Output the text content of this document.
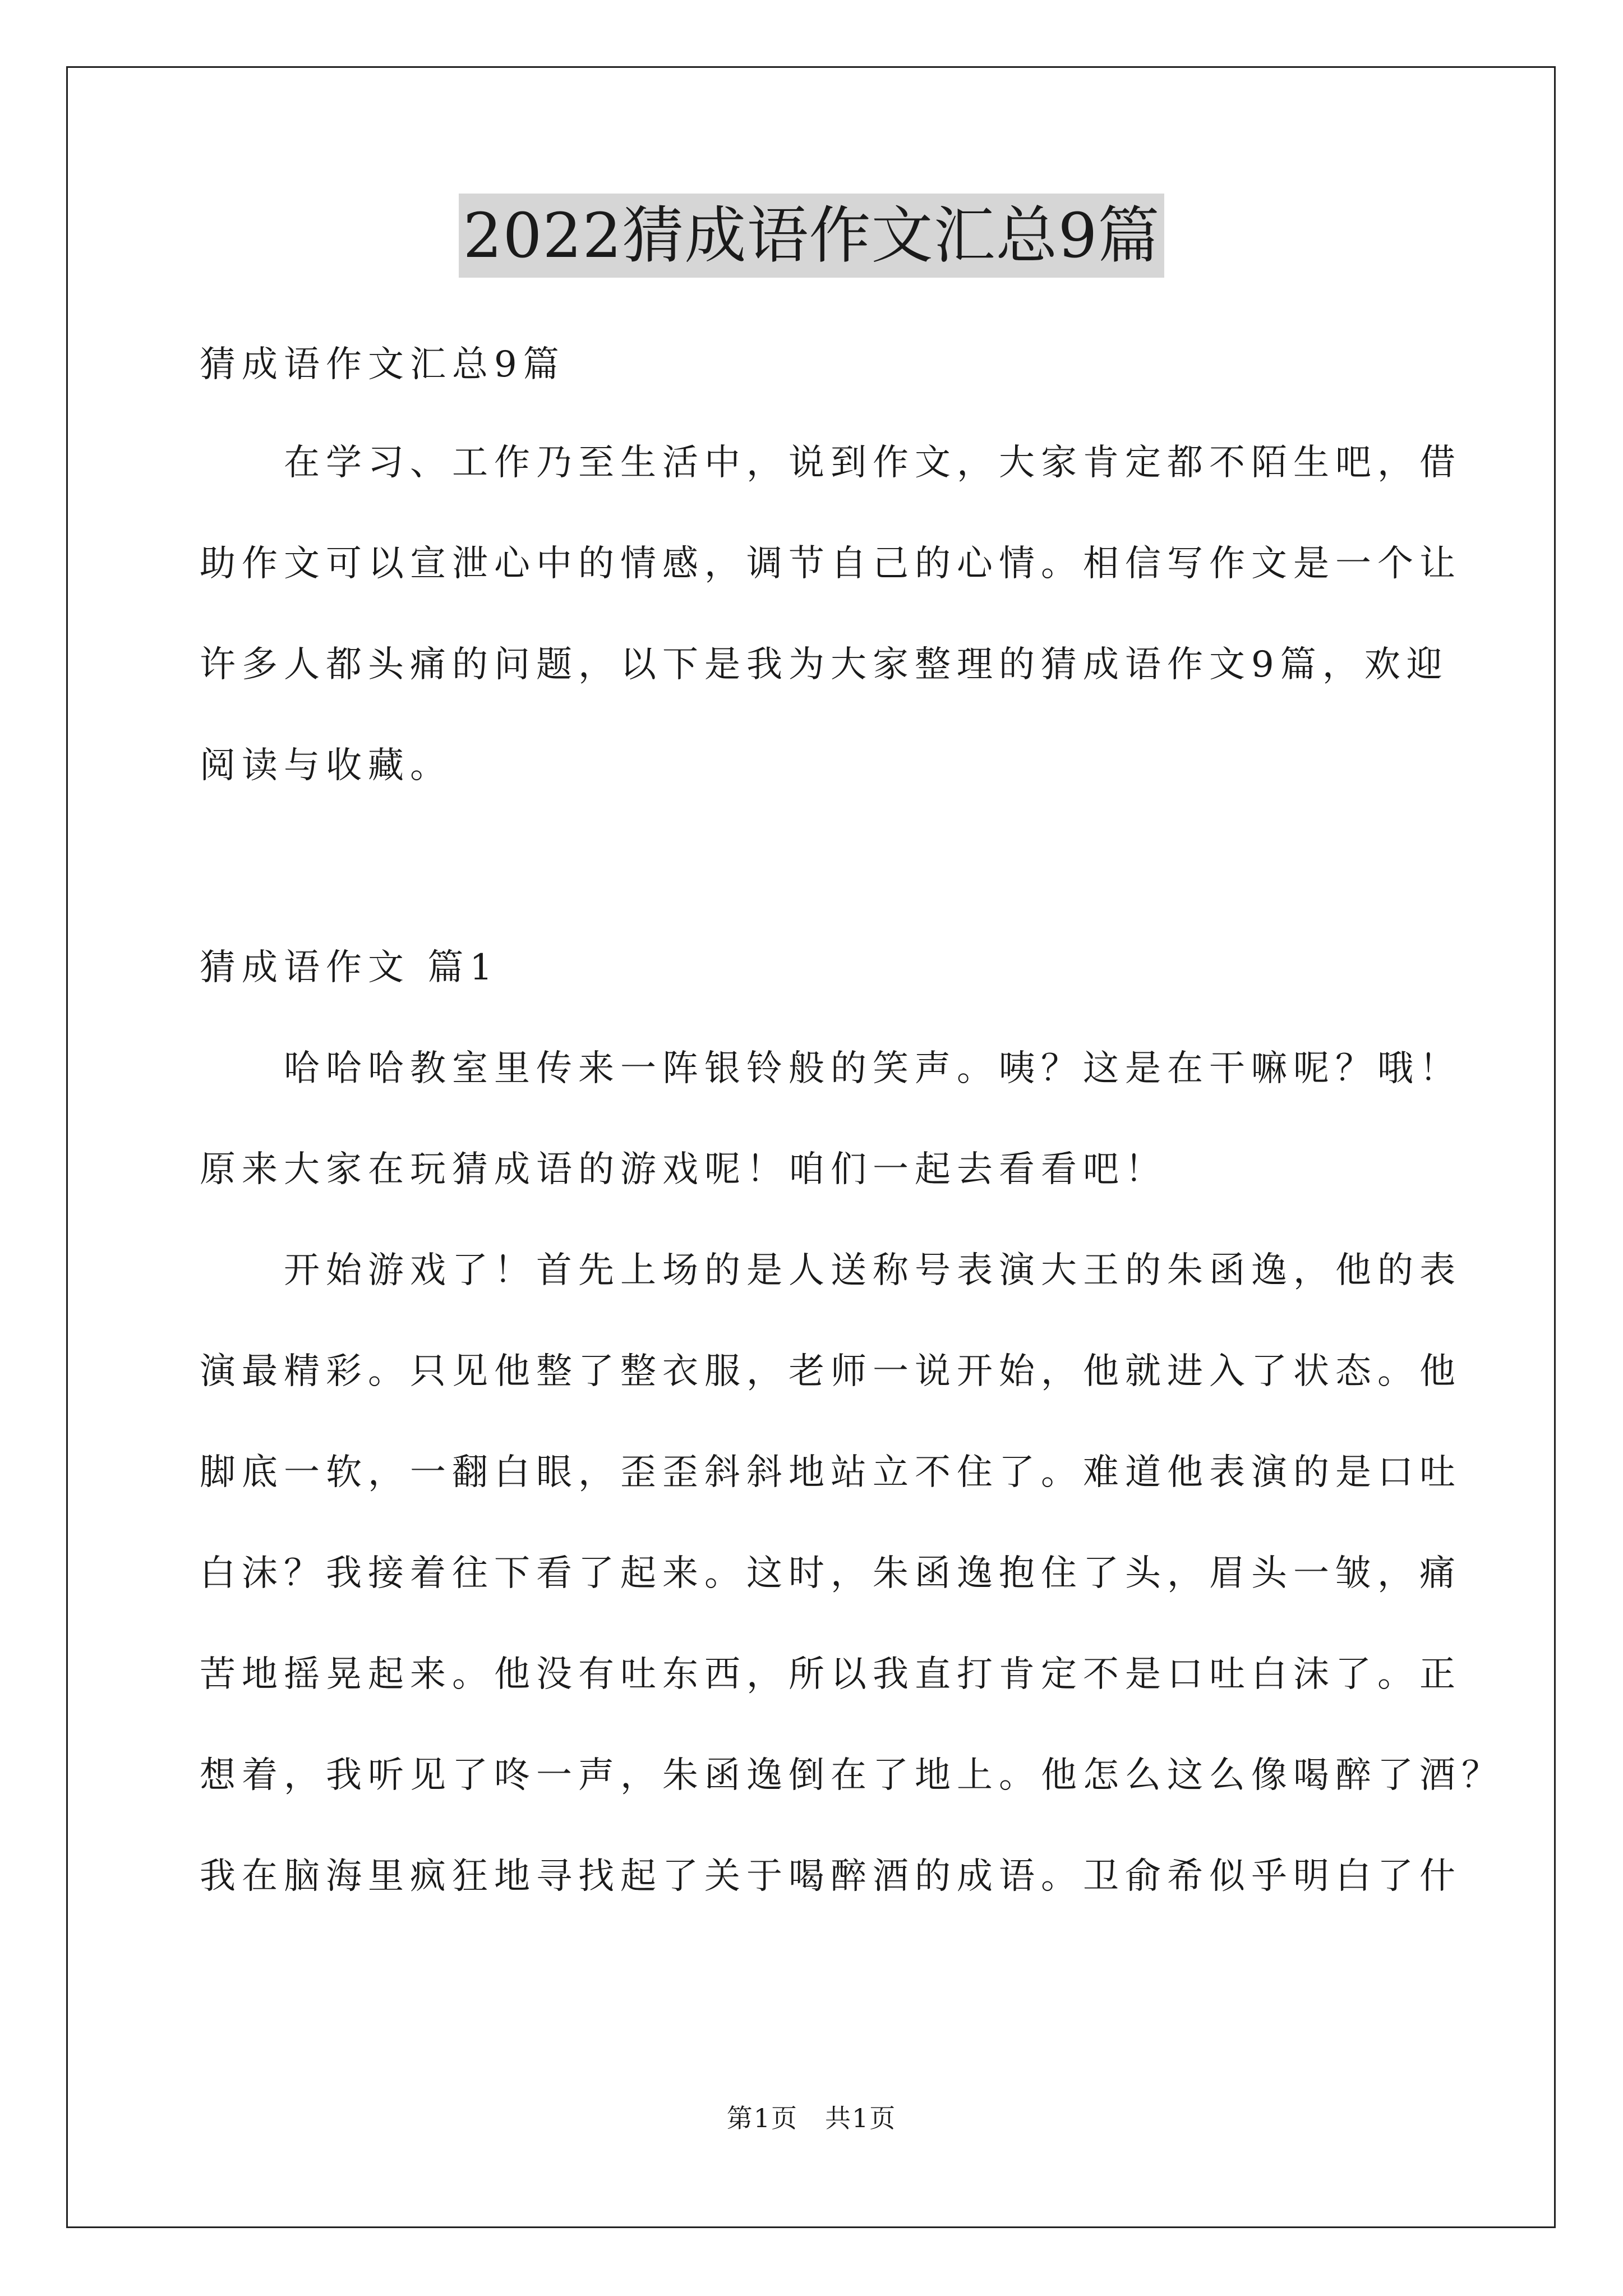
2022猜成语作文汇总9篇
猜成语作文汇总9篇
在学习、工作乃至生活中，说到作文，大家肯定都不陌生吧，借
助作文可以宣泄心中的情感，调节自己的心情。相信写作文是一个让
许多人都头痛的问题，以下是我为大家整理的猜成语作文9篇，欢迎
阅读与收藏。
猜成语作文 篇1
哈哈哈教室里传来一阵银铃般的笑声。咦？这是在干嘛呢？哦！
原来大家在玩猜成语的游戏呢！咱们一起去看看吧！
开始游戏了！首先上场的是人送称号表演大王的朱函逸，他的表
演最精彩。只见他整了整衣服，老师一说开始，他就进入了状态。他
脚底一软，一翻白眼，歪歪斜斜地站立不住了。难道他表演的是口吐
白沫？我接着往下看了起来。这时，朱函逸抱住了头，眉头一皱，痛
苦地摇晃起来。他没有吐东西，所以我直打肯定不是口吐白沫了。正
想着，我听见了咚一声，朱函逸倒在了地上。他怎么这么像喝醉了酒？
我在脑海里疯狂地寻找起了关于喝醉酒的成语。卫俞希似乎明白了什
第1页　共1页
